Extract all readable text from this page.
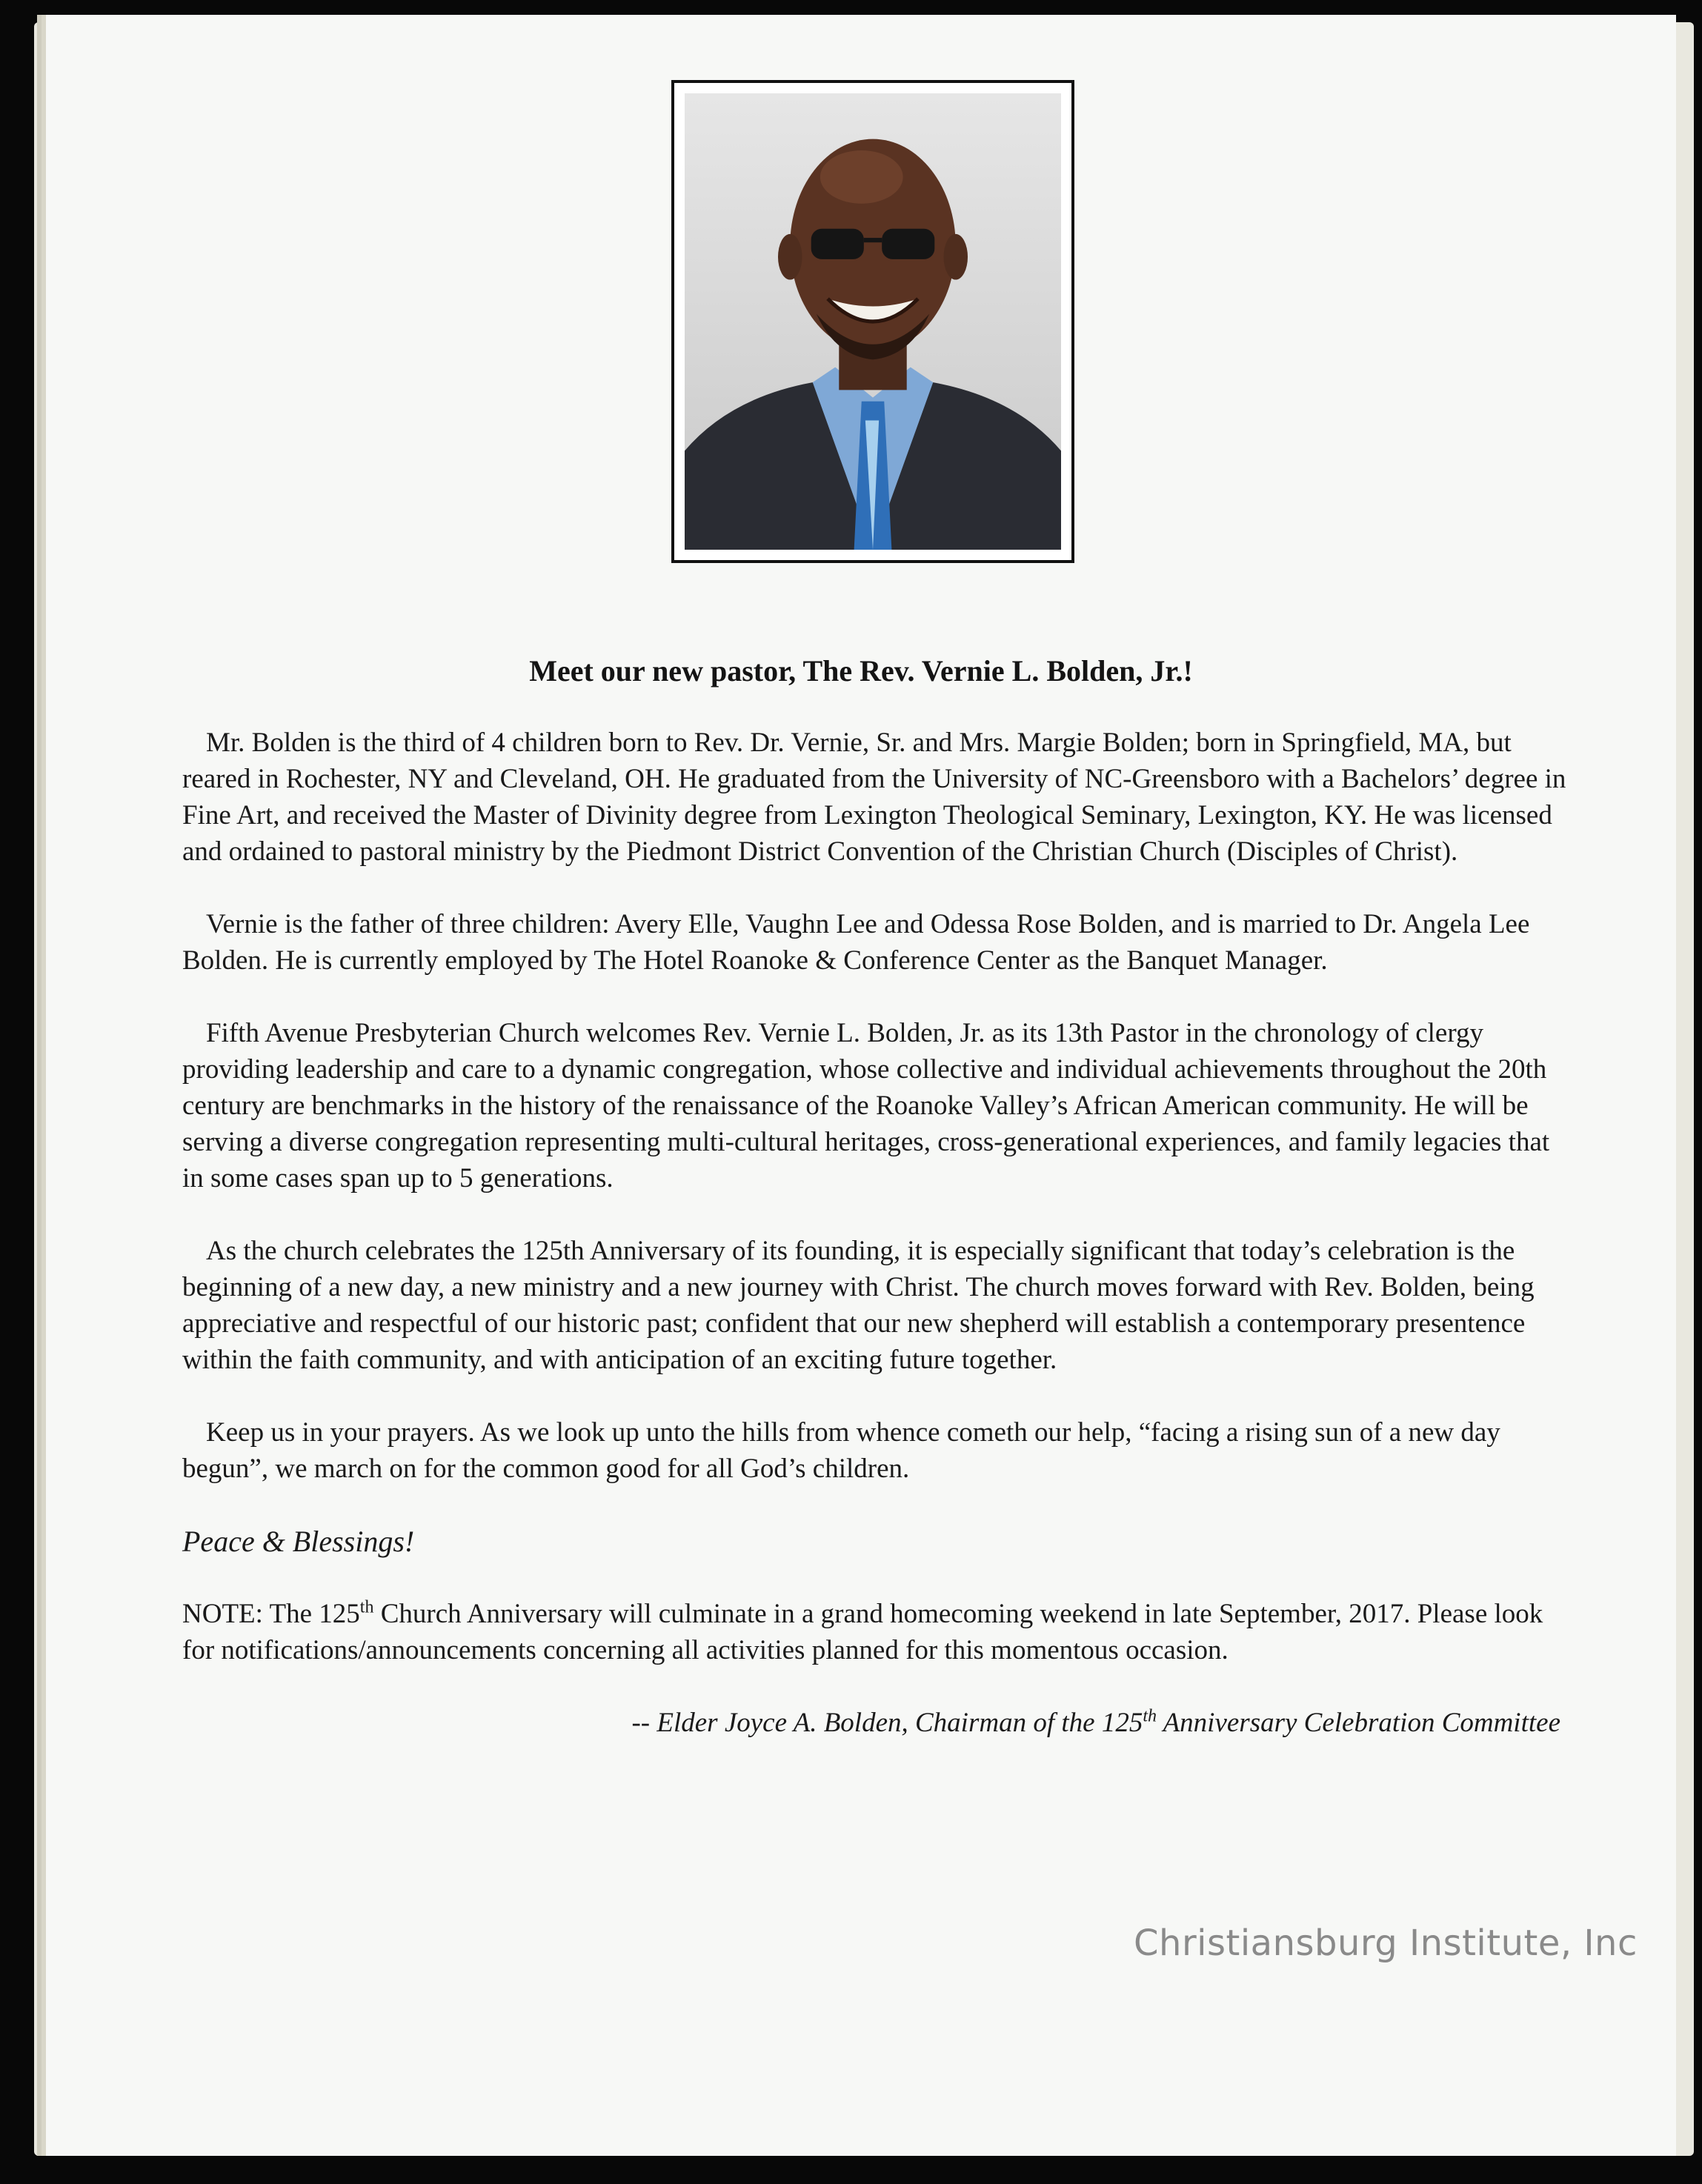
Meet our new pastor, The Rev. Vernie L. Bolden, Jr.!

Mr. Bolden is the third of 4 children born to Rev. Dr. Vernie, Sr. and Mrs. Margie Bolden; born in Springfield, MA, but reared in Rochester, NY and Cleveland, OH. He graduated from the University of NC-Greensboro with a Bachelors’ degree in Fine Art, and received the Master of Divinity degree from Lexington Theological Seminary, Lexington, KY. He was licensed and ordained to pastoral ministry by the Piedmont District Convention of the Christian Church (Disciples of Christ).

Vernie is the father of three children: Avery Elle, Vaughn Lee and Odessa Rose Bolden, and is married to Dr. Angela Lee Bolden. He is currently employed by The Hotel Roanoke & Conference Center as the Banquet Manager.

Fifth Avenue Presbyterian Church welcomes Rev. Vernie L. Bolden, Jr. as its 13th Pastor in the chronology of clergy providing leadership and care to a dynamic congregation, whose collective and individual achievements throughout the 20th century are benchmarks in the history of the renaissance of the Roanoke Valley’s African American community. He will be serving a diverse congregation representing multi-cultural heritages, cross-generational experiences, and family legacies that in some cases span up to 5 generations.

As the church celebrates the 125th Anniversary of its founding, it is especially significant that today’s celebration is the beginning of a new day, a new ministry and a new journey with Christ. The church moves forward with Rev. Bolden, being appreciative and respectful of our historic past; confident that our new shepherd will establish a contemporary presentence within the faith community, and with anticipation of an exciting future together.

Keep us in your prayers. As we look up unto the hills from whence cometh our help, “facing a rising sun of a new day begun”, we march on for the common good for all God’s children.

Peace & Blessings!

NOTE: The 125th Church Anniversary will culminate in a grand homecoming weekend in late September, 2017. Please look for notifications/announcements concerning all activities planned for this momentous occasion.

-- Elder Joyce A. Bolden, Chairman of the 125th Anniversary Celebration Committee

Christiansburg Institute, Inc
